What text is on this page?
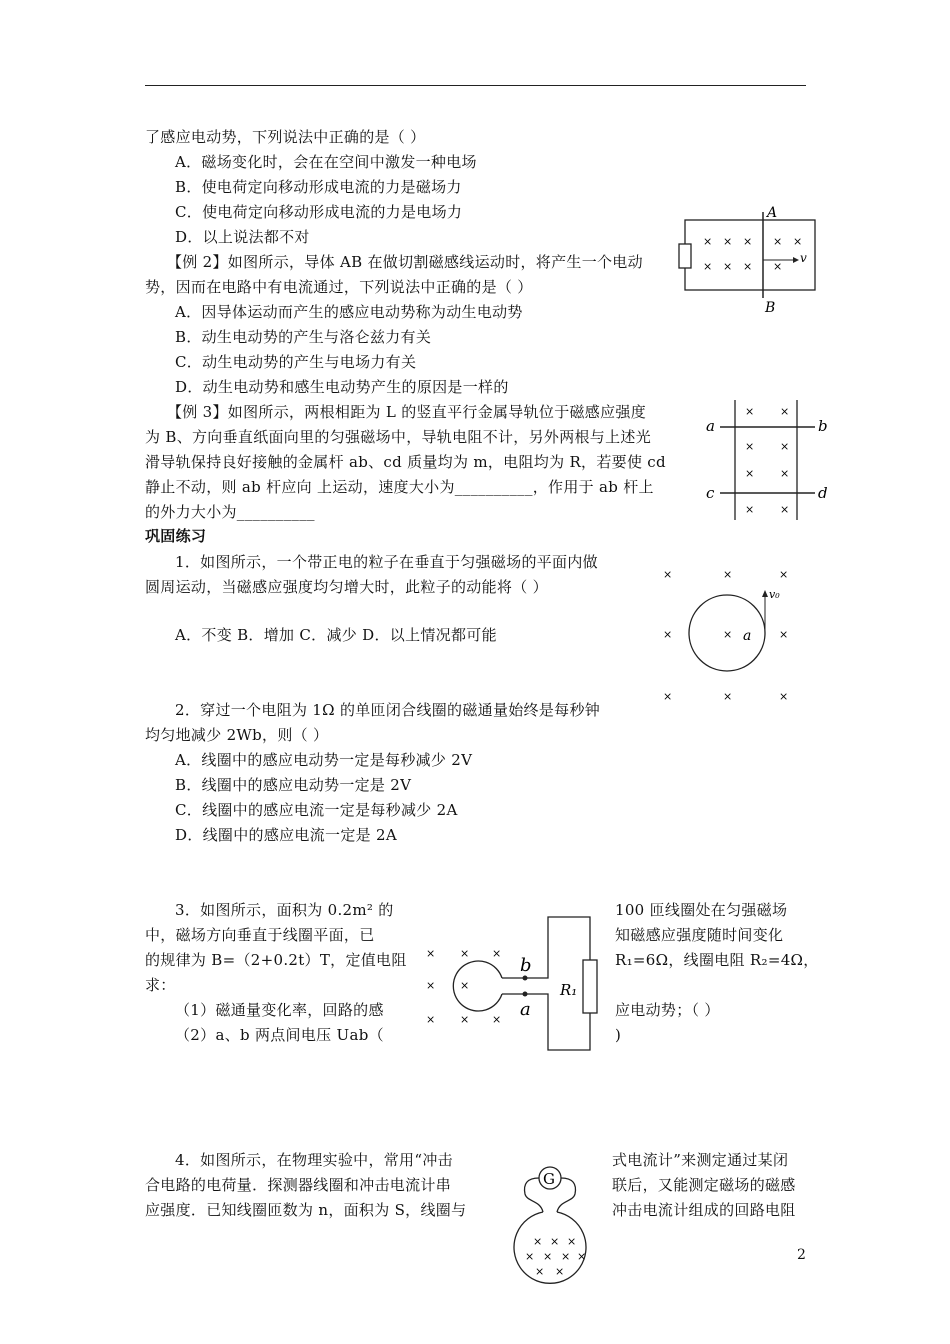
了感应电动势，下列说法中正确的是（ ）
A．磁场变化时，会在在空间中激发一种电场
B．使电荷定向移动形成电流的力是磁场力
C．使电荷定向移动形成电流的力是电场力
D．以上说法都不对
【例 2】如图所示，导体 AB 在做切割磁感线运动时，将产生一个电动
势，因而在电路中有电流通过，下列说法中正确的是（ ）
A．因导体运动而产生的感应电动势称为动生电动势
B．动生电动势的产生与洛仑兹力有关
C．动生电动势的产生与电场力有关
D．动生电动势和感生电动势产生的原因是一样的
A
B
× × × × ×
× × × ×
v
【例 3】如图所示，两根相距为 L 的竖直平行金属导轨位于磁感应强度
为 B、方向垂直纸面向里的匀强磁场中，导轨电阻不计，另外两根与上述光
滑导轨保持良好接触的金属杆 ab、cd 质量均为 m，电阻均为 R，若要使 cd
静止不动，则 ab 杆应向 上运动，速度大小为__________，作用于 ab 杆上
的外力大小为__________
a	b
c	d
× ×
× ×
× ×
× ×
巩固练习
1．如图所示，一个带正电的粒子在垂直于匀强磁场的平面内做
圆周运动，当磁感应强度均匀增大时，此粒子的动能将（ ）
A．不变 B．增加 C．减少 D．以上情况都可能
×	×	×
×	×	×
×	×	×
v₀
a
2．穿过一个电阻为 1Ω 的单匝闭合线圈的磁通量始终是每秒钟
均匀地减少 2Wb，则（ ）
A．线圈中的感应电动势一定是每秒减少 2V
B．线圈中的感应电动势一定是 2V
C．线圈中的感应电流一定是每秒减少 2A
D．线圈中的感应电流一定是 2A
3．如图所示，面积为 0.2m² 的
中，磁场方向垂直于线圈平面，已
的规律为 B=（2+0.2t）T，定值电阻
求：
（1）磁通量变化率，回路的感
（2）a、b 两点间电压 Uab（
100 匝线圈处在匀强磁场
知磁感应强度随时间变化
R₁=6Ω，线圈电阻 R₂=4Ω，
应电动势；（ ）
)
× × ×
× ×
× × ×
b
a
R₁
4．如图所示，在物理实验中，常用“冲击
合电路的电荷量．探测器线圈和冲击电流计串
应强度．已知线圈匝数为 n，面积为 S，线圈与
式电流计”来测定通过某闭
联后，又能测定磁场的磁感
冲击电流计组成的回路电阻
G
× × ×
× × × ×
× ×
2
